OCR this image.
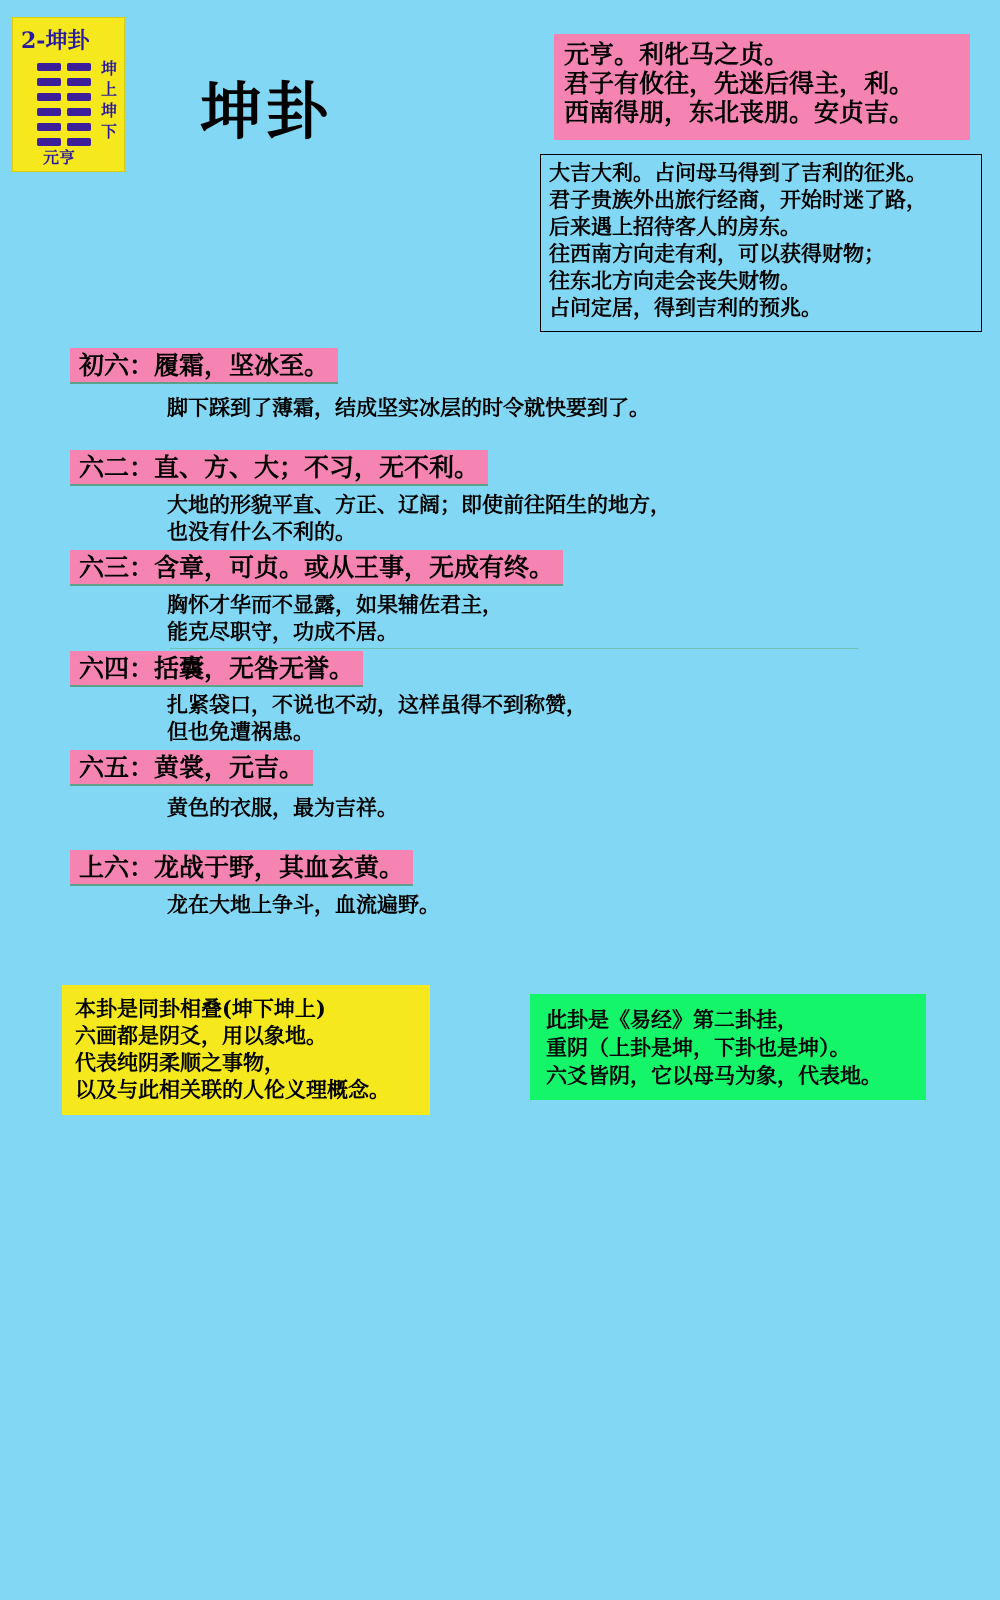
2-坤卦
坤
上
坤
下
元亨
坤卦
元亨。利牝马之贞。
君子有攸往，先迷后得主，利。
西南得朋，东北丧朋。安贞吉。
大吉大利。占问母马得到了吉利的征兆。
君子贵族外出旅行经商，开始时迷了路，
后来遇上招待客人的房东。
往西南方向走有利，可以获得财物；
往东北方向走会丧失财物。
占问定居，得到吉利的预兆。
初六：履霜，坚冰至。
脚下踩到了薄霜，结成坚实冰层的时令就快要到了。
六二：直、方、大；不习，无不利。
大地的形貌平直、方正、辽阔；即使前往陌生的地方，
也没有什么不利的。
六三：含章，可贞。或从王事，无成有终。
胸怀才华而不显露，如果辅佐君主，
能克尽职守，功成不居。
六四：括囊，无咎无誉。
扎紧袋口，不说也不动，这样虽得不到称赞，
但也免遭祸患。
六五：黄裳，元吉。
黄色的衣服，最为吉祥。
上六：龙战于野，其血玄黄。
龙在大地上争斗，血流遍野。
本卦是同卦相叠(坤下坤上)
六画都是阴爻，用以象地。
代表纯阴柔顺之事物，
以及与此相关联的人伦义理概念。
此卦是《易经》第二卦挂，
重阴（上卦是坤，下卦也是坤）。
六爻皆阴，它以母马为象，代表地。
